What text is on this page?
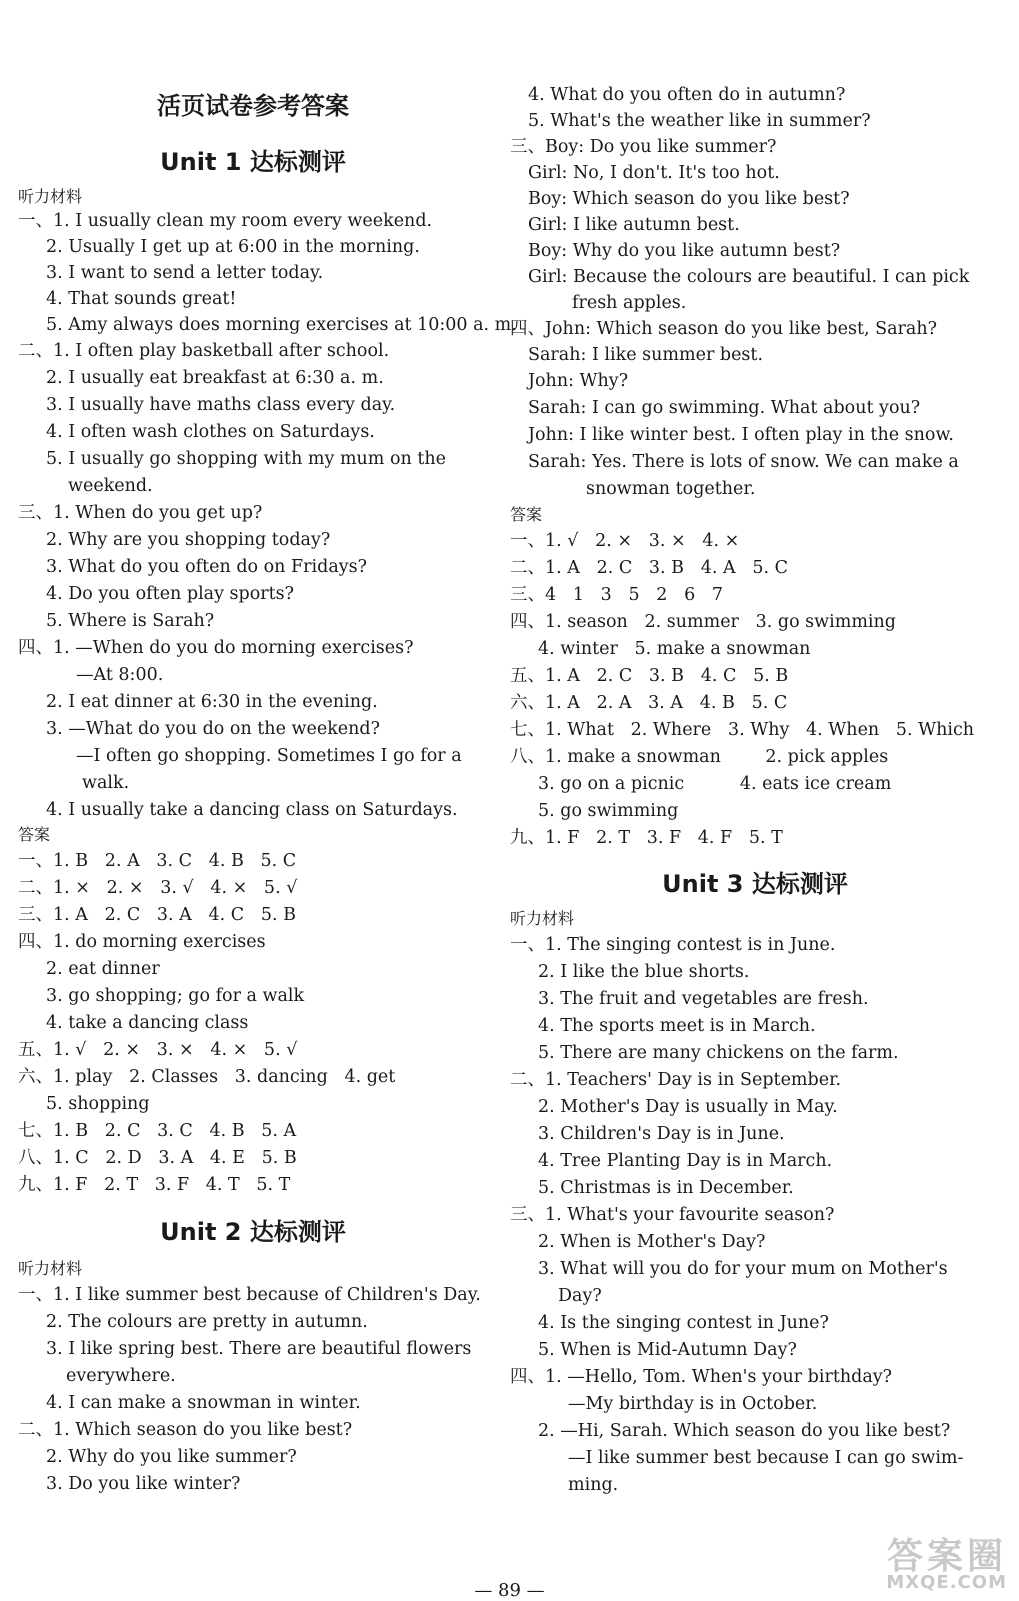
活页试卷参考答案
Unit 1 达标测评
听力材料
一、1. I usually clean my room every weekend.
2. Usually I get up at 6:00 in the morning.
3. I want to send a letter today.
4. That sounds great!
5. Amy always does morning exercises at 10:00 a. m.
二、1. I often play basketball after school.
2. I usually eat breakfast at 6:30 a. m.
3. I usually have maths class every day.
4. I often wash clothes on Saturdays.
5. I usually go shopping with my mum on the
weekend.
三、1. When do you get up?
2. Why are you shopping today?
3. What do you often do on Fridays?
4. Do you often play sports?
5. Where is Sarah?
四、1. —When do you do morning exercises?
—At 8:00.
2. I eat dinner at 6:30 in the evening.
3. —What do you do on the weekend?
—I often go shopping. Sometimes I go for a
walk.
4. I usually take a dancing class on Saturdays.
答案
一、1. B   2. A   3. C   4. B   5. C
二、1. ×   2. ×   3. √   4. ×   5. √
三、1. A   2. C   3. A   4. C   5. B
四、1. do morning exercises
2. eat dinner
3. go shopping; go for a walk
4. take a dancing class
五、1. √   2. ×   3. ×   4. ×   5. √
六、1. play   2. Classes   3. dancing   4. get
5. shopping
七、1. B   2. C   3. C   4. B   5. A
八、1. C   2. D   3. A   4. E   5. B
九、1. F   2. T   3. F   4. T   5. T
Unit 2 达标测评
听力材料
一、1. I like summer best because of Children's Day.
2. The colours are pretty in autumn.
3. I like spring best. There are beautiful flowers
everywhere.
4. I can make a snowman in winter.
二、1. Which season do you like best?
2. Why do you like summer?
3. Do you like winter?
4. What do you often do in autumn?
5. What's the weather like in summer?
三、Boy: Do you like summer?
Girl: No, I don't. It's too hot.
Boy: Which season do you like best?
Girl: I like autumn best.
Boy: Why do you like autumn best?
Girl: Because the colours are beautiful. I can pick
fresh apples.
四、John: Which season do you like best, Sarah?
Sarah: I like summer best.
John: Why?
Sarah: I can go swimming. What about you?
John: I like winter best. I often play in the snow.
Sarah: Yes. There is lots of snow. We can make a
snowman together.
答案
一、1. √   2. ×   3. ×   4. ×
二、1. A   2. C   3. B   4. A   5. C
三、4   1   3   5   2   6   7
四、1. season   2. summer   3. go swimming
4. winter   5. make a snowman
五、1. A   2. C   3. B   4. C   5. B
六、1. A   2. A   3. A   4. B   5. C
七、1. What   2. Where   3. Why   4. When   5. Which
八、1. make a snowman        2. pick apples
3. go on a picnic          4. eats ice cream
5. go swimming
九、1. F   2. T   3. F   4. F   5. T
Unit 3 达标测评
听力材料
一、1. The singing contest is in June.
2. I like the blue shorts.
3. The fruit and vegetables are fresh.
4. The sports meet is in March.
5. There are many chickens on the farm.
二、1. Teachers' Day is in September.
2. Mother's Day is usually in May.
3. Children's Day is in June.
4. Tree Planting Day is in March.
5. Christmas is in December.
三、1. What's your favourite season?
2. When is Mother's Day?
3. What will you do for your mum on Mother's
Day?
4. Is the singing contest in June?
5. When is Mid-Autumn Day?
四、1. —Hello, Tom. When's your birthday?
—My birthday is in October.
2. —Hi, Sarah. Which season do you like best?
—I like summer best because I can go swim-
ming.
— 89 —
答案圈
MXQE.COM
